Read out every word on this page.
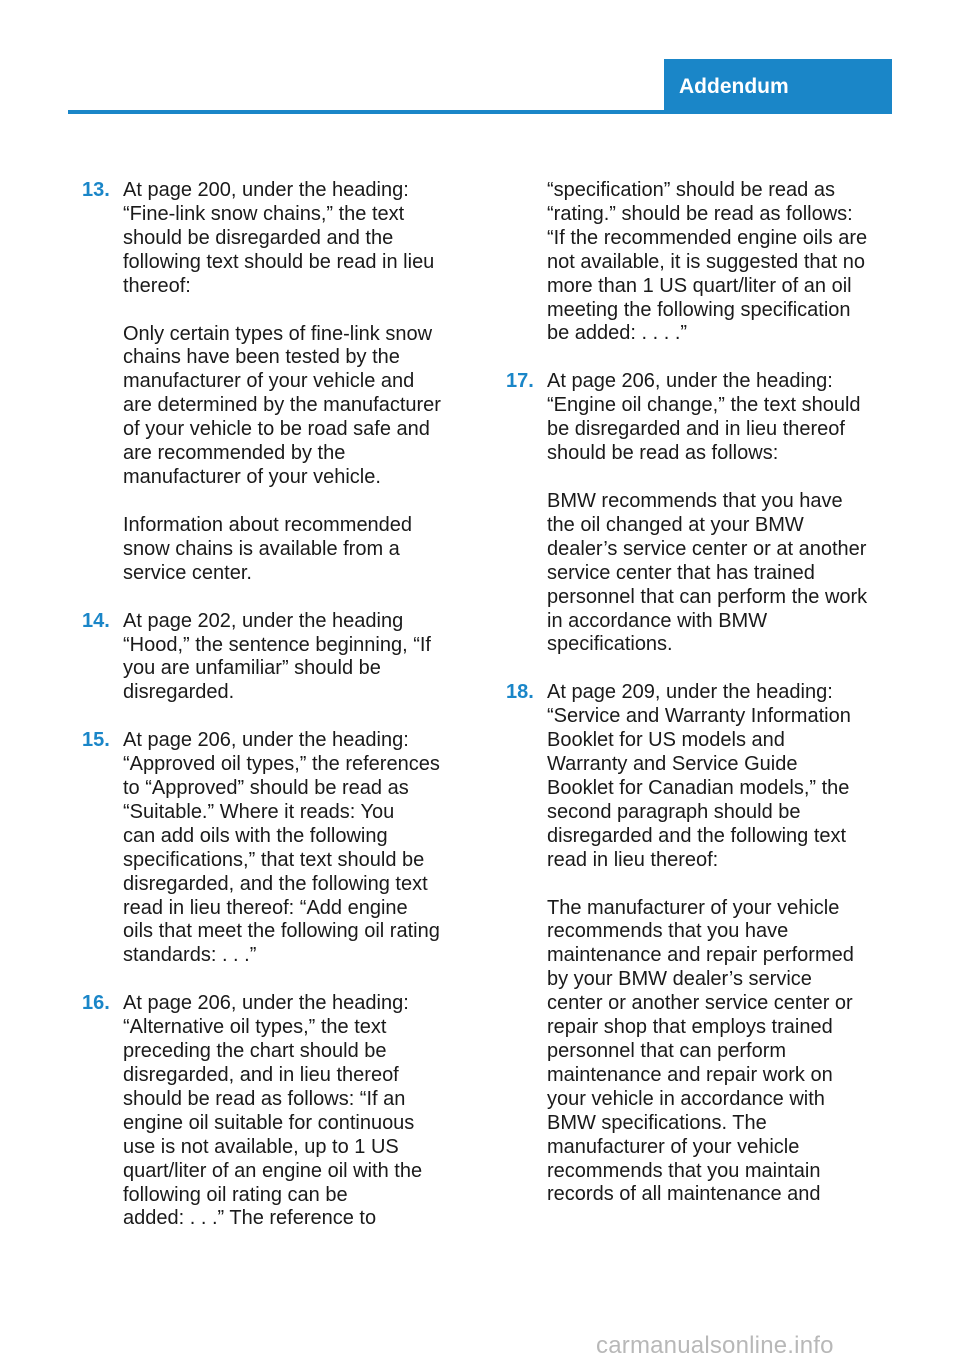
Addendum
13. At page 200, under the heading:
“Fine-link snow chains,” the text
should be disregarded and the
following text should be read in lieu
thereof:

Only certain types of fine-link snow
chains have been tested by the
manufacturer of your vehicle and
are determined by the manufacturer
of your vehicle to be road safe and
are recommended by the
manufacturer of your vehicle.

Information about recommended
snow chains is available from a
service center.

14. At page 202, under the heading
“Hood,” the sentence beginning, “If
you are unfamiliar” should be
disregarded.

15. At page 206, under the heading:
“Approved oil types,” the references
to “Approved” should be read as
“Suitable.” Where it reads: You
can add oils with the following
specifications,” that text should be
disregarded, and the following text
read in lieu thereof: “Add engine
oils that meet the following oil rating
standards: . . .”

16. At page 206, under the heading:
“Alternative oil types,” the text
preceding the chart should be
disregarded, and in lieu thereof
should be read as follows: “If an
engine oil suitable for continuous
use is not available, up to 1 US
quart/liter of an engine oil with the
following oil rating can be
added: . . .” The reference to

“specification” should be read as
“rating.” should be read as follows:
“If the recommended engine oils are
not available, it is suggested that no
more than 1 US quart/liter of an oil
meeting the following specification
be added: . . . .”

17. At page 206, under the heading:
“Engine oil change,” the text should
be disregarded and in lieu thereof
should be read as follows:

BMW recommends that you have
the oil changed at your BMW
dealer’s service center or at another
service center that has trained
personnel that can perform the work
in accordance with BMW
specifications.

18. At page 209, under the heading:
“Service and Warranty Information
Booklet for US models and
Warranty and Service Guide
Booklet for Canadian models,” the
second paragraph should be
disregarded and the following text
read in lieu thereof:

The manufacturer of your vehicle
recommends that you have
maintenance and repair performed
by your BMW dealer’s service
center or another service center or
repair shop that employs trained
personnel that can perform
maintenance and repair work on
your vehicle in accordance with
BMW specifications. The
manufacturer of your vehicle
recommends that you maintain
records of all maintenance and

carmanualsonline.info
